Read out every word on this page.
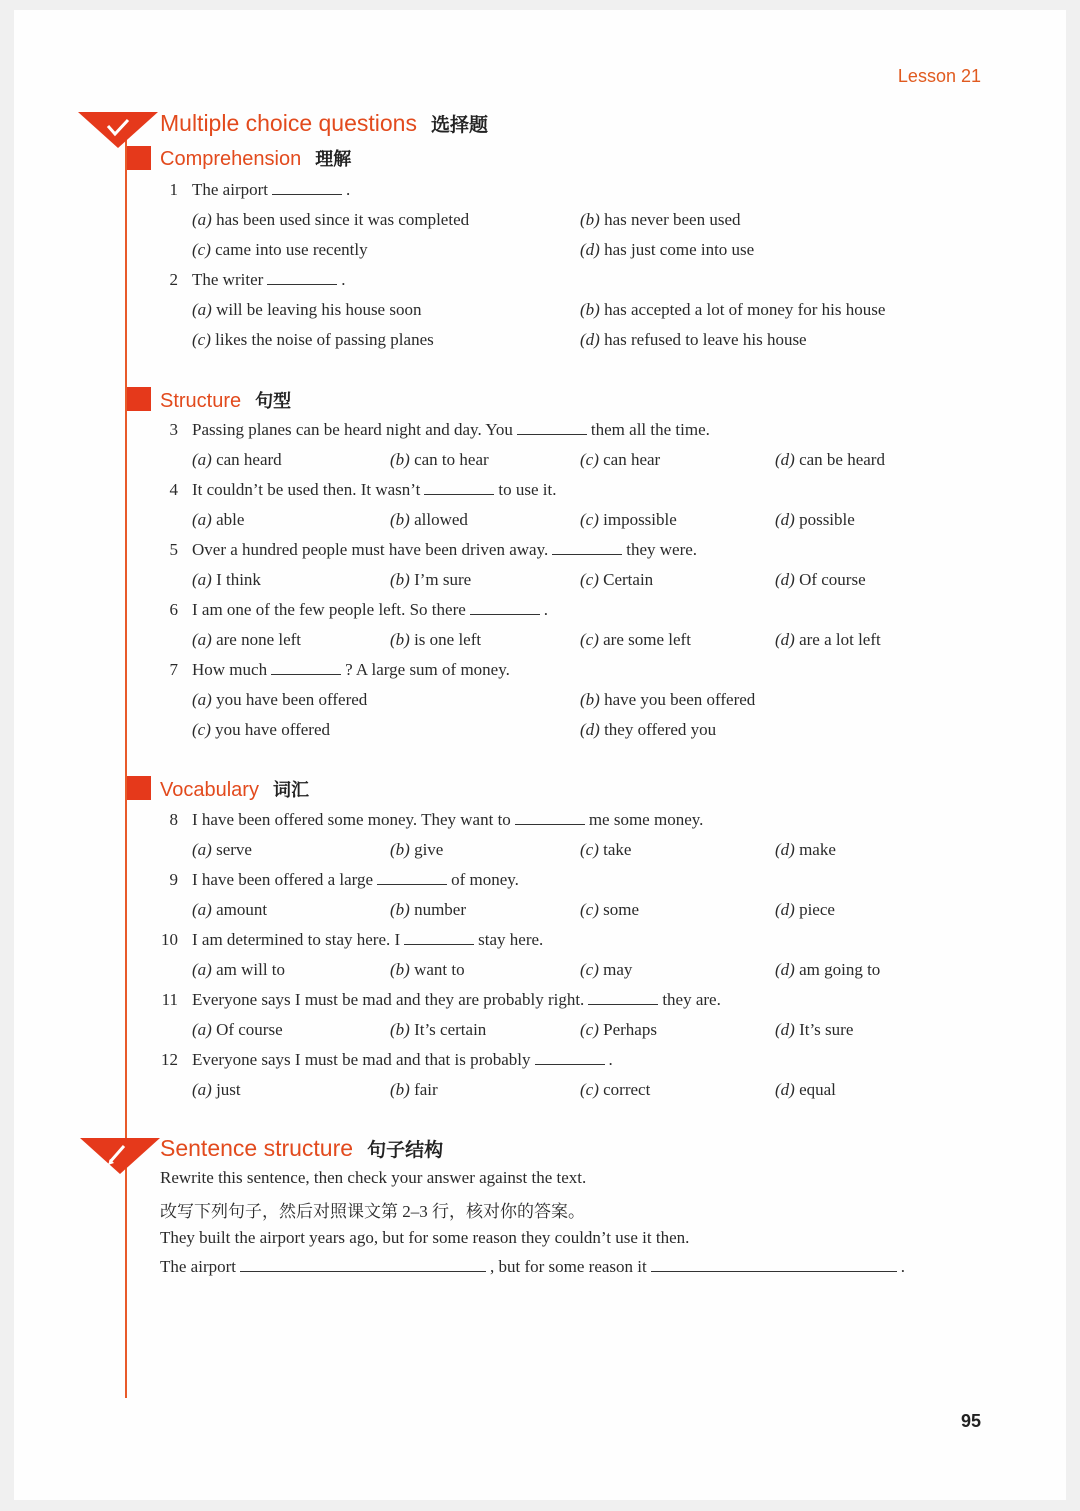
Lesson 21
Multiple choice questions 选择题
Comprehension 理解
1 The airport	.
(a) has been used since it was completed	(b) has never been used
(c) came into use recently	(d) has just come into use
2 The writer	.
(a) will be leaving his house soon	(b) has accepted a lot of money for his house
(c) likes the noise of passing planes	(d) has refused to leave his house
Structure 句型
3 Passing planes can be heard night and day. You	them all the time.
(a) can heard	(b) can to hear	(c) can hear	(d) can be heard
4 It couldn’t be used then. It wasn’t	to use it.
(a) able	(b) allowed	(c) impossible	(d) possible
5 Over a hundred people must have been driven away.	they were.
(a) I think	(b) I’m sure	(c) Certain	(d) Of course
6 I am one of the few people left. So there	.
(a) are none left	(b) is one left	(c) are some left	(d) are a lot left
7 How much	? A large sum of money.
(a) you have been offered	(b) have you been offered
(c) you have offered	(d) they offered you
Vocabulary 词汇
8 I have been offered some money. They want to	me some money.
(a) serve	(b) give	(c) take	(d) make
9 I have been offered a large	of money.
(a) amount	(b) number	(c) some	(d) piece
10 I am determined to stay here. I	stay here.
(a) am will to	(b) want to	(c) may	(d) am going to
11 Everyone says I must be mad and they are probably right.	they are.
(a) Of course	(b) It’s certain	(c) Perhaps	(d) It’s sure
12 Everyone says I must be mad and that is probably	.
(a) just	(b) fair	(c) correct	(d) equal
Sentence structure 句子结构
Rewrite this sentence, then check your answer against the text.
改写下列句子，然后对照课文第 2–3 行，核对你的答案。
They built the airport years ago, but for some reason they couldn’t use it then.
The airport	, but for some reason it	.
95
